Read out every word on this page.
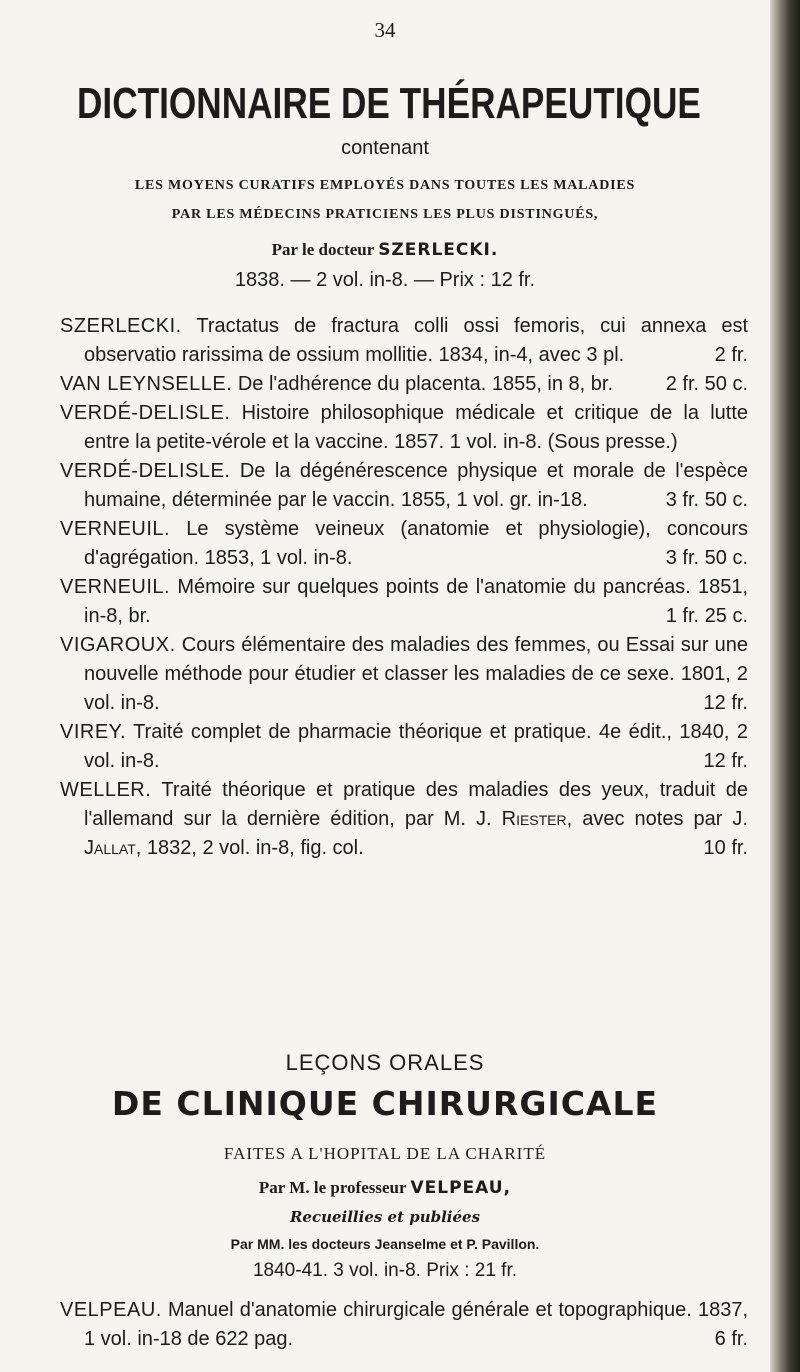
34
DICTIONNAIRE DE THÉRAPEUTIQUE
contenant
LES MOYENS CURATIFS EMPLOYÉS DANS TOUTES LES MALADIES
PAR LES MÉDECINS PRATICIENS LES PLUS DISTINGUÉS,
Par le docteur SZERLECKI.
1838. — 2 vol. in-8. — Prix : 12 fr.

SZERLECKI. Tractatus de fractura colli ossi femoris, cui annexa est observatio rarissima de ossium mollitie. 1834, in-4, avec 3 pl.	2 fr.

VAN LEYNSELLE. De l'adhérence du placenta. 1855, in 8, br.	2 fr. 50 c.

VERDÉ-DELISLE. Histoire philosophique médicale et critique de la lutte entre la petite-vérole et la vaccine. 1857. 1 vol. in-8. (Sous presse.)

VERDÉ-DELISLE. De la dégénérescence physique et morale de l'espèce humaine, déterminée par le vaccin. 1855, 1 vol. gr. in-18.	3 fr. 50 c.

VERNEUIL. Le système veineux (anatomie et physiologie), concours d'agrégation. 1853, 1 vol. in-8.	3 fr. 50 c.

VERNEUIL. Mémoire sur quelques points de l'anatomie du pancréas. 1851, in-8, br.	1 fr. 25 c.

VIGAROUX. Cours élémentaire des maladies des femmes, ou Essai sur une nouvelle méthode pour étudier et classer les maladies de ce sexe. 1801, 2 vol. in-8.	12 fr.

VIREY. Traité complet de pharmacie théorique et pratique. 4e édit., 1840, 2 vol. in-8.	12 fr.

WELLER. Traité théorique et pratique des maladies des yeux, traduit de l'allemand sur la dernière édition, par M. J. Riester, avec notes par J. Jallat, 1832, 2 vol. in-8, fig. col.	10 fr.

LEÇONS ORALES
DE CLINIQUE CHIRURGICALE
FAITES A L'HOPITAL DE LA CHARITÉ
Par M. le professeur VELPEAU,
Recueillies et publiées
Par MM. les docteurs Jeanselme et P. Pavillon.
1840-41. 3 vol. in-8. Prix : 21 fr.

VELPEAU. Manuel d'anatomie chirurgicale générale et topographique. 1837, 1 vol. in-18 de 622 pag.	6 fr.
